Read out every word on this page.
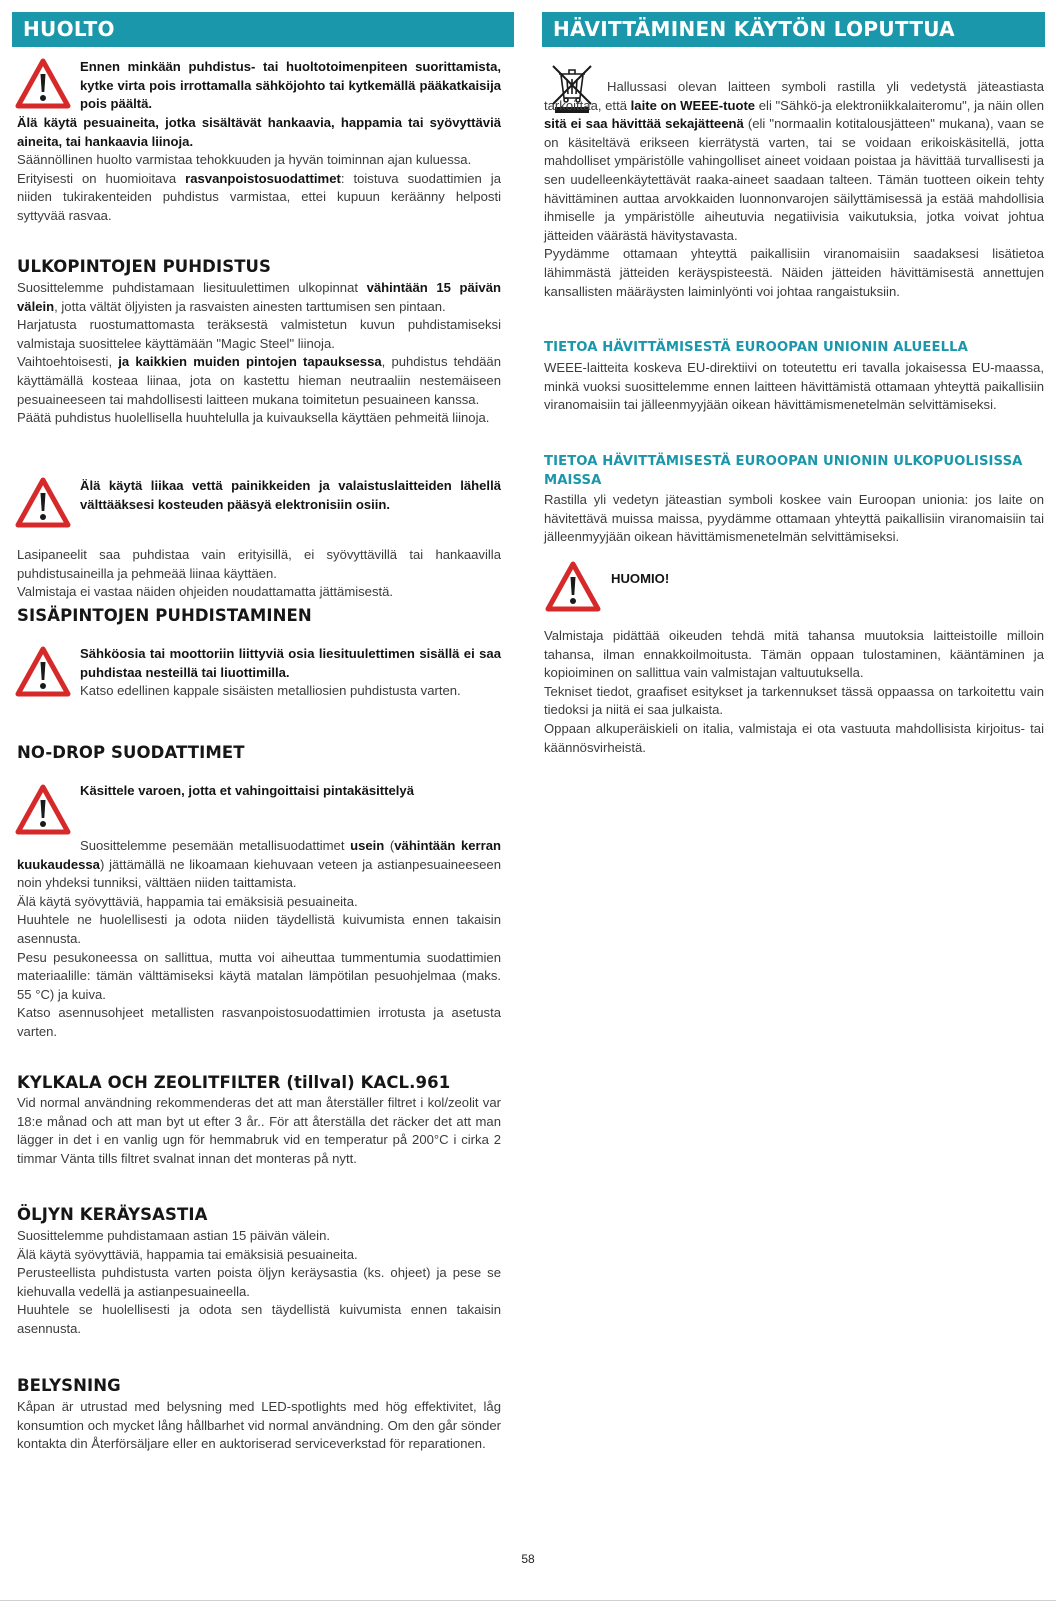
HUOLTO	HÄVITTÄMINEN KÄYTÖN LOPUTTUA

Ennen minkään puhdistus- tai huoltotoimenpiteen suorittamista, kytke virta pois irrottamalla sähköjohto tai kytkemällä pääkatkaisija pois päältä.

Älä käytä pesuaineita, jotka sisältävät hankaavia, happamia tai syövyttäviä aineita, tai hankaavia liinoja.

Säännöllinen huolto varmistaa tehokkuuden ja hyvän toiminnan ajan kuluessa.

Erityisesti on huomioitava rasvanpoistosuodattimet: toistuva suodattimien ja niiden tukirakenteiden puhdistus varmistaa, ettei kupuun keräänny helposti syttyvää rasvaa.

ULKOPINTOJEN PUHDISTUS

Suosittelemme puhdistamaan liesituulettimen ulkopinnat vähintään 15 päivän välein, jotta vältät öljyisten ja rasvaisten ainesten tarttumisen sen pintaan.

Harjatusta ruostumattomasta teräksestä valmistetun kuvun puhdistamiseksi valmistaja suosittelee käyttämään "Magic Steel" liinoja.

Vaihtoehtoisesti, ja kaikkien muiden pintojen tapauksessa, puhdistus tehdään käyttämällä kosteaa liinaa, jota on kastettu hieman neutraaliin nestemäiseen pesuaineeseen tai mahdollisesti laitteen mukana toimitetun pesuaineen kanssa.

Päätä puhdistus huolellisella huuhtelulla ja kuivauksella käyttäen pehmeitä liinoja.

Älä käytä liikaa vettä painikkeiden ja valaistuslaitteiden lähellä välttääksesi kosteuden pääsyä elektronisiin osiin.

Lasipaneelit saa puhdistaa vain erityisillä, ei syövyttävillä tai hankaavilla puhdistusaineilla ja pehmeää liinaa käyttäen.

Valmistaja ei vastaa näiden ohjeiden noudattamatta jättämisestä.

SISÄPINTOJEN PUHDISTAMINEN

Sähköosia tai moottoriin liittyviä osia liesituulettimen sisällä ei saa puhdistaa nesteillä tai liuottimilla.

Katso edellinen kappale sisäisten metalliosien puhdistusta varten.

NO-DROP SUODATTIMET

Käsittele varoen, jotta et vahingoittaisi pintakäsittelyä

Suosittelemme pesemään metallisuodattimet usein (vähintään kerran kuukaudessa) jättämällä ne likoamaan kiehuvaan veteen ja astianpesuaineeseen noin yhdeksi tunniksi, välttäen niiden taittamista.

Älä käytä syövyttäviä, happamia tai emäksisiä pesuaineita.

Huuhtele ne huolellisesti ja odota niiden täydellistä kuivumista ennen takaisin asennusta.

Pesu pesukoneessa on sallittua, mutta voi aiheuttaa tummentumia suodattimien materiaalille: tämän välttämiseksi käytä matalan lämpötilan pesuohjelmaa (maks. 55 °C) ja kuiva.

Katso asennusohjeet metallisten rasvanpoistosuodattimien irrotusta ja asetusta varten.

KYLKALA OCH ZEOLITFILTER (tillval) KACL.961

Vid normal användning rekommenderas det att man återställer filtret i kol/zeolit var 18:e månad och att man byt ut efter 3 år.. För att återställa det räcker det att man lägger in det i en vanlig ugn för hemmabruk vid en temperatur på 200°C i cirka 2 timmar Vänta tills filtret svalnat innan det monteras på nytt.

ÖLJYN KERÄYSASTIA

Suosittelemme puhdistamaan astian 15 päivän välein.

Älä käytä syövyttäviä, happamia tai emäksisiä pesuaineita.

Perusteellista puhdistusta varten poista öljyn keräysastia (ks. ohjeet) ja pese se kiehuvalla vedellä ja astianpesuaineella.

Huuhtele se huolellisesti ja odota sen täydellistä kuivumista ennen takaisin asennusta.

BELYSNING

Kåpan är utrustad med belysning med LED-spotlights med hög effektivitet, låg konsumtion och mycket lång hållbarhet vid normal användning. Om den går sönder kontakta din Återförsäljare eller en auktoriserad serviceverkstad för reparationen.

Hallussasi olevan laitteen symboli rastilla yli vedetystä jäteastiasta tarkoittaa, että laite on WEEE-tuote eli "Sähkö-ja elektroniikkalaiteromu", ja näin ollen sitä ei saa hävittää sekajätteenä (eli "normaalin kotitalousjätteen" mukana), vaan se on käsiteltävä erikseen kierrätystä varten, tai se voidaan erikoiskäsitellä, jotta mahdolliset ympäristölle vahingolliset aineet voidaan poistaa ja hävittää turvallisesti ja sen uudelleenkäytettävät raaka-aineet saadaan talteen. Tämän tuotteen oikein tehty hävittäminen auttaa arvokkaiden luonnonvarojen säilyttämisessä ja estää mahdollisia ihmiselle ja ympäristölle aiheutuvia negatiivisia vaikutuksia, jotka voivat johtua jätteiden väärästä hävitystavasta.

Pyydämme ottamaan yhteyttä paikallisiin viranomaisiin saadaksesi lisätietoa lähimmästä jätteiden keräyspisteestä. Näiden jätteiden hävittämisestä annettujen kansallisten määräysten laiminlyönti voi johtaa rangaistuksiin.

TIETOA HÄVITTÄMISESTÄ EUROOPAN UNIONIN ALUEELLA

WEEE-laitteita koskeva EU-direktiivi on toteutettu eri tavalla jokaisessa EU-maassa, minkä vuoksi suosittelemme ennen laitteen hävittämistä ottamaan yhteyttä paikallisiin viranomaisiin tai jälleenmyyjään oikean hävittämismenetelmän selvittämiseksi.

TIETOA HÄVITTÄMISESTÄ EUROOPAN UNIONIN ULKOPUOLISISSA MAISSA

Rastilla yli vedetyn jäteastian symboli koskee vain Euroopan unionia: jos laite on hävitettävä muissa maissa, pyydämme ottamaan yhteyttä paikallisiin viranomaisiin tai jälleenmyyjään oikean hävittämismenetelmän selvittämiseksi.

HUOMIO!

Valmistaja pidättää oikeuden tehdä mitä tahansa muutoksia laitteistoille milloin tahansa, ilman ennakkoilmoitusta. Tämän oppaan tulostaminen, kääntäminen ja kopioiminen on sallittua vain valmistajan valtuutuksella.

Tekniset tiedot, graafiset esitykset ja tarkennukset tässä oppaassa on tarkoitettu vain tiedoksi ja niitä ei saa julkaista.

Oppaan alkuperäiskieli on italia, valmistaja ei ota vastuuta mahdollisista kirjoitus- tai käännösvirheistä.

58
